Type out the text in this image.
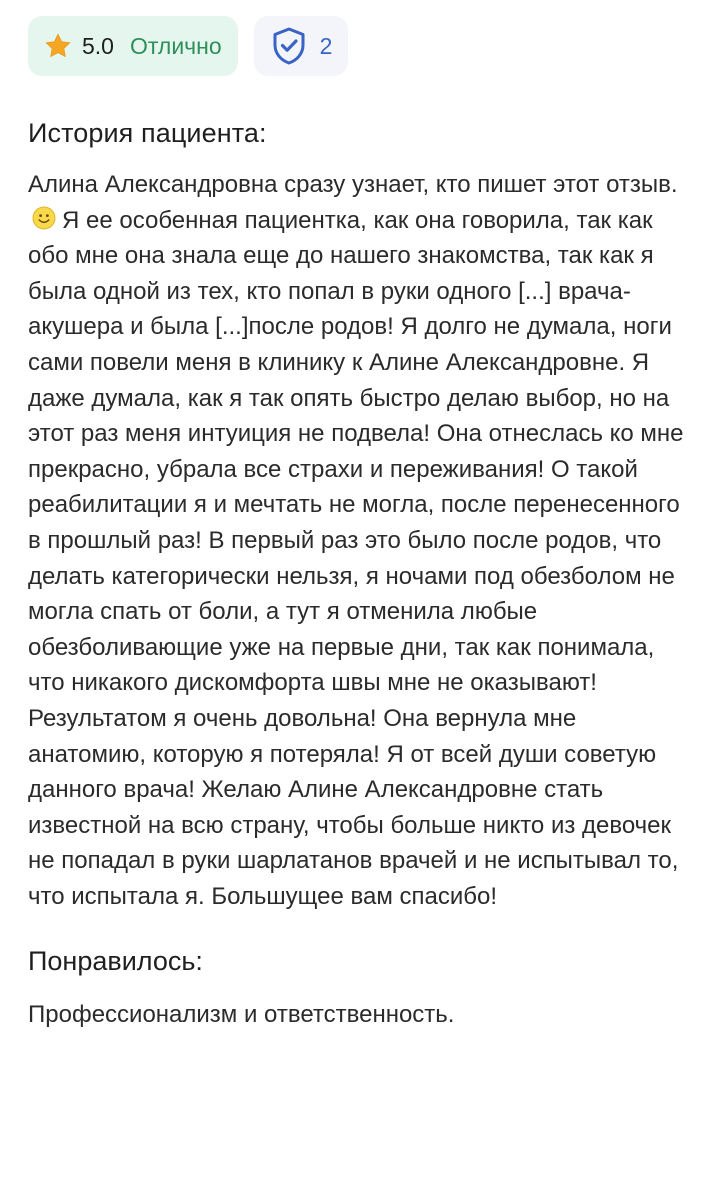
5.0 Отлично	2
История пациента:

Алина Александровна сразу узнает, кто пишет этот отзыв.Я ее особенная пациентка, как она говорила, так как обо мне она знала еще до нашего знакомства, так как я была одной из тех, кто попал в руки одного [...] врача-акушера и была [...]после родов! Я долго не думала, ноги сами повели меня в клинику к Алине Александровне. Я даже думала, как я так опять быстро делаю выбор, но на этот раз меня интуиция не подвела! Она отнеслась ко мне прекрасно, убрала все страхи и переживания! О такой реабилитации я и мечтать не могла, после перенесенного в прошлый раз! В первый раз это было после родов, что делать категорически нельзя, я ночами под обезболом не могла спать от боли, а тут я отменила любые обезболивающие уже на первые дни, так как понимала, что никакого дискомфорта швы мне не оказывают! Результатом я очень довольна! Она вернула мне анатомию, которую я потеряла! Я от всей души советую данного врача! Желаю Алине Александровне стать известной на всю страну, чтобы больше никто из девочек не попадал в руки шарлатанов врачей и не испытывал то, что испытала я. Большущее вам спасибо!

Понравилось:

Профессионализм и ответственность.
